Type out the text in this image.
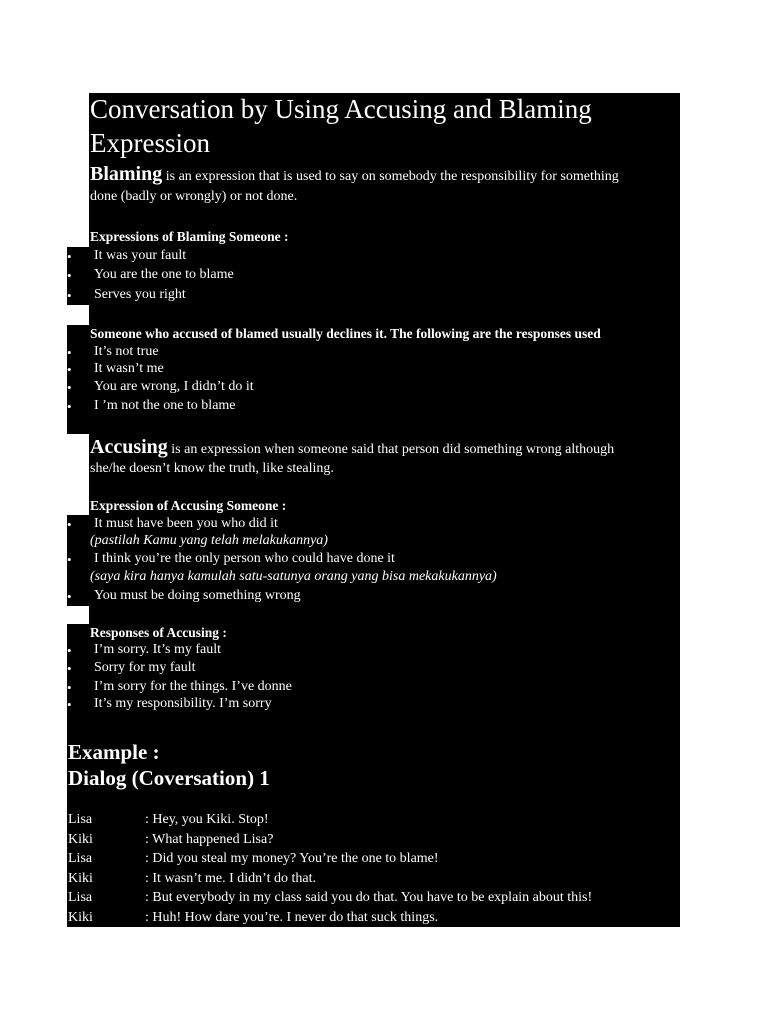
Conversation by Using Accusing and Blaming
Expression
Blaming is an expression that is used to say on somebody the responsibility for something
done (badly or wrongly) or not done.
Expressions of Blaming Someone :
• It was your fault
• You are the one to blame
• Serves you right
Someone who accused of blamed usually declines it. The following are the responses used
• It’s not true
• It wasn’t me
• You are wrong, I didn’t do it
• I ’m not the one to blame
Accusing is an expression when someone said that person did something wrong although
she/he doesn’t know the truth, like stealing.
Expression of Accusing Someone :
• It must have been you who did it
(pastilah Kamu yang telah melakukannya)
• I think you’re the only person who could have done it
(saya kira hanya kamulah satu-satunya orang yang bisa mekakukannya)
• You must be doing something wrong
Responses of Accusing :
• I’m sorry. It’s my fault
• Sorry for my fault
• I’m sorry for the things. I’ve donne
• It’s my responsibility. I’m sorry
Example :
Dialog (Coversation) 1
Lisa	: Hey, you Kiki. Stop!
Kiki	: What happened Lisa?
Lisa	: Did you steal my money? You’re the one to blame!
Kiki	: It wasn’t me. I didn’t do that.
Lisa	: But everybody in my class said you do that. You have to be explain about this!
Kiki	: Huh! How dare you’re. I never do that suck things.
